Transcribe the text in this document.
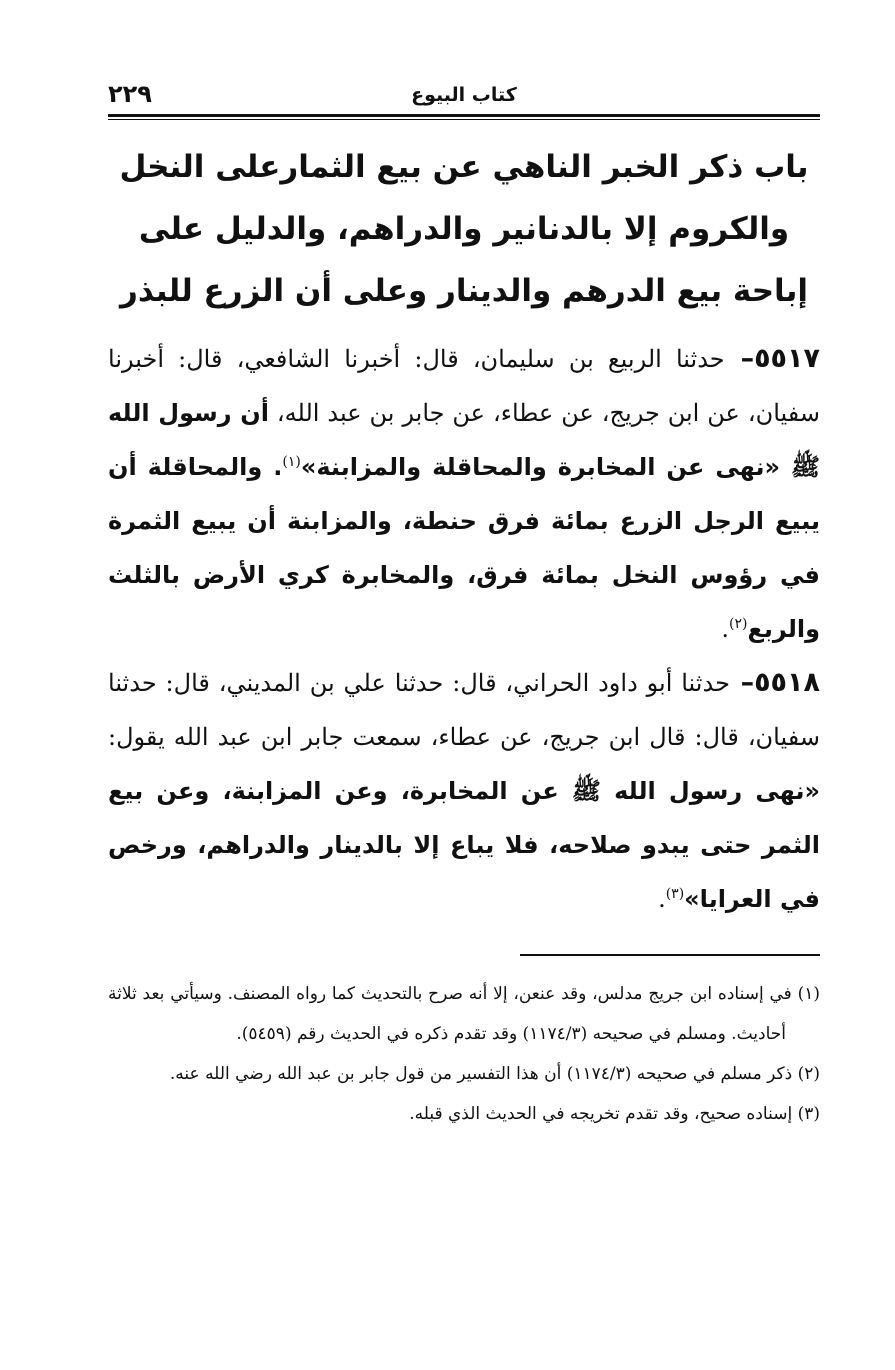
كتاب البيوع
٢٢٩
باب ذكر الخبر الناهي عن بيع الثمارعلى النخل والكروم إلا بالدنانير والدراهم، والدليل على إباحة بيع الدرهم والدينار وعلى أن الزرع للبذر

٥٥١٧– حدثنا الربيع بن سليمان، قال: أخبرنا الشافعي، قال: أخبرنا سفيان، عن ابن جريج، عن عطاء، عن جابر بن عبد الله، أن رسول الله ﷺ «نهى عن المخابرة والمحاقلة والمزابنة»$^{(١)}$. والمحاقلة أن يبيع الرجل الزرع بمائة فرق حنطة، والمزابنة أن يبيع الثمرة في رؤوس النخل بمائة فرق، والمخابرة كري الأرض بالثلث والربع$^{(٢)}$.

٥٥١٨– حدثنا أبو داود الحراني، قال: حدثنا علي بن المديني، قال: حدثنا سفيان، قال: قال ابن جريج، عن عطاء، سمعت جابر ابن عبد الله يقول: «نهى رسول الله ﷺ عن المخابرة، وعن المزابنة، وعن بيع الثمر حتى يبدو صلاحه، فلا يباع إلا بالدينار والدراهم، ورخص في العرايا»$^{(٣)}$.

(١) في إسناده ابن جريج مدلس، وقد عنعن، إلا أنه صرح بالتحديث كما رواه المصنف. وسيأتي بعد ثلاثة أحاديث. ومسلم في صحيحه (١١٧٤/٣) وقد تقدم ذكره في الحديث رقم (٥٤٥٩).

(٢) ذكر مسلم في صحيحه (١١٧٤/٣) أن هذا التفسير من قول جابر بن عبد الله رضي الله عنه.

(٣) إسناده صحيح، وقد تقدم تخريجه في الحديث الذي قبله.
